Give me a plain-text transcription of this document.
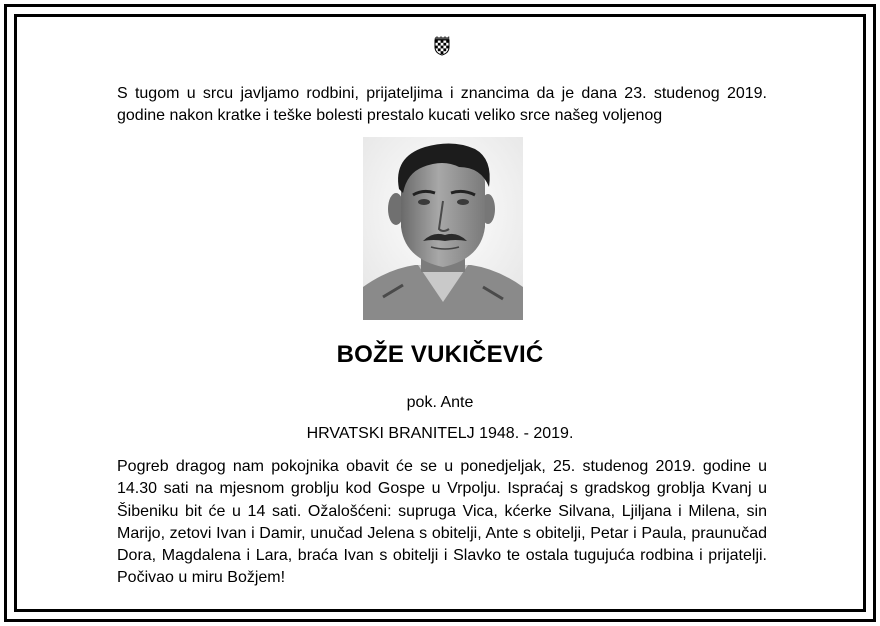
S tugom u srcu javljamo rodbini, prijateljima i znancima da je dana 23. studenog 2019.
godine nakon kratke i teške bolesti prestalo kucati veliko srce našeg voljenog
BOŽE VUKIČEVIĆ
pok. Ante
HRVATSKI BRANITELJ 1948. - 2019.
Pogreb dragog nam pokojnika obavit će se u ponedjeljak, 25. studenog 2019. godine u 14.30 sati na mjesnom groblju kod Gospe u Vrpolju. Ispraćaj s gradskog groblja Kvanj u Šibeniku bit će u 14 sati. Ožalošćeni: supruga Vica, kćerke Silvana, Ljiljana i Milena, sin Marijo, zetovi Ivan i Damir, unučad Jelena s obitelji, Ante s obitelji, Petar i Paula, praunučad Dora, Magdalena i Lara, braća Ivan s obitelji i Slavko te ostala tugujuća rodbina i prijatelji. Počivao u miru Božjem!
